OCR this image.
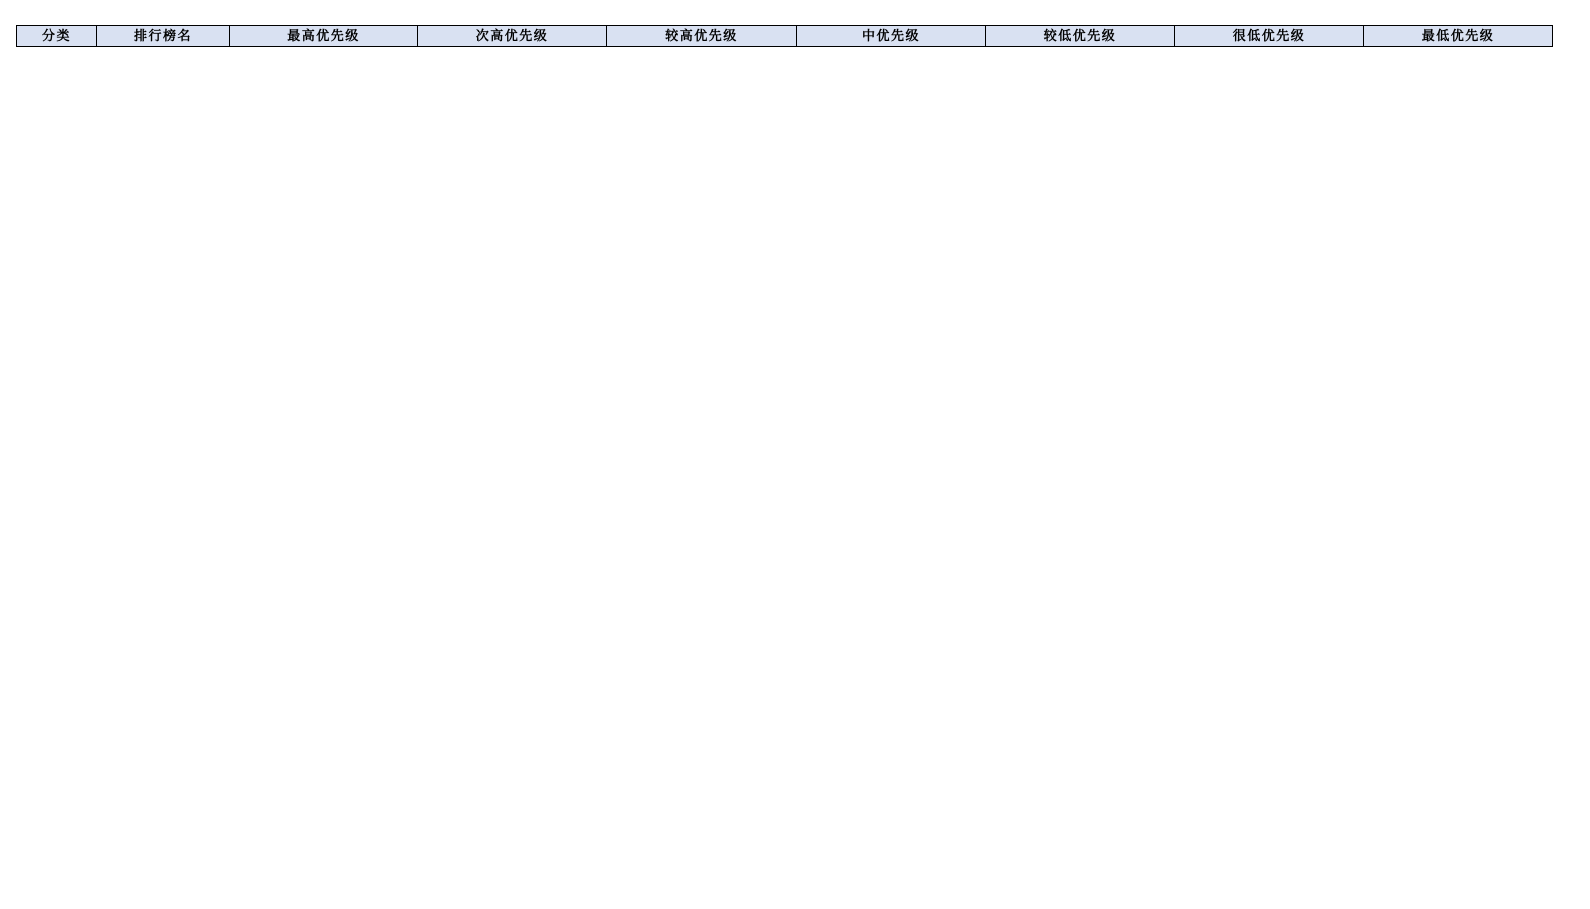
分类	排行榜名	最高优先级	次高优先级	较高优先级	中优先级	较低优先级	很低优先级	最低优先级
